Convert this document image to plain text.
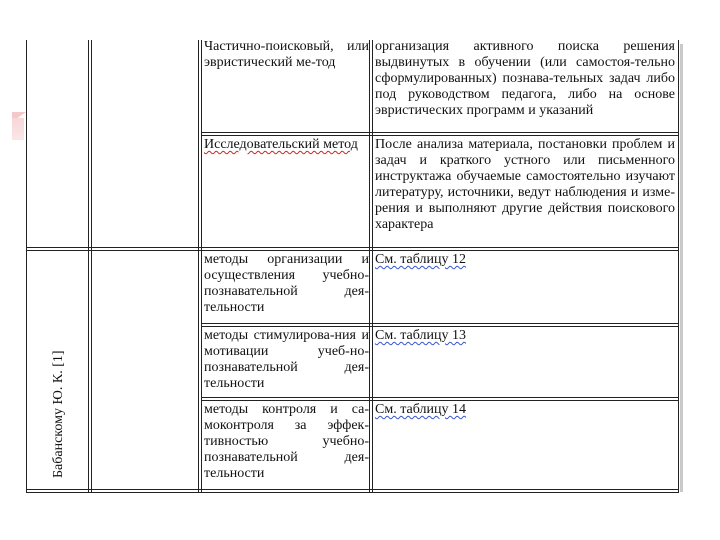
Бабанскому Ю. К. [1]
Частично-поисковый, или эвристический ме-тод
организация активного поиска решения выдвинутых в обучении (или самостоя-тельно сформулированных) познава-тельных задач либо под руководством педагога, либо на основе эвристических программ и указаний
Исследовательский метод	После анализа материала, постановки проблем и задач и краткого устного или письменного инструктажа обучаемые самостоятельно изучают литературу, источники, ведут наблюдения и изме-рения и выполняют другие действия поискового характера
методы организации и осуществления учебно-познавательной дея-тельности
См. таблицу 12
методы стимулирова-ния и мотивации учеб-но-познавательной дея-тельности
См. таблицу 13
методы контроля и са-моконтроля за эффек-тивностью учебно-познавательной дея-тельности
См. таблицу 14
